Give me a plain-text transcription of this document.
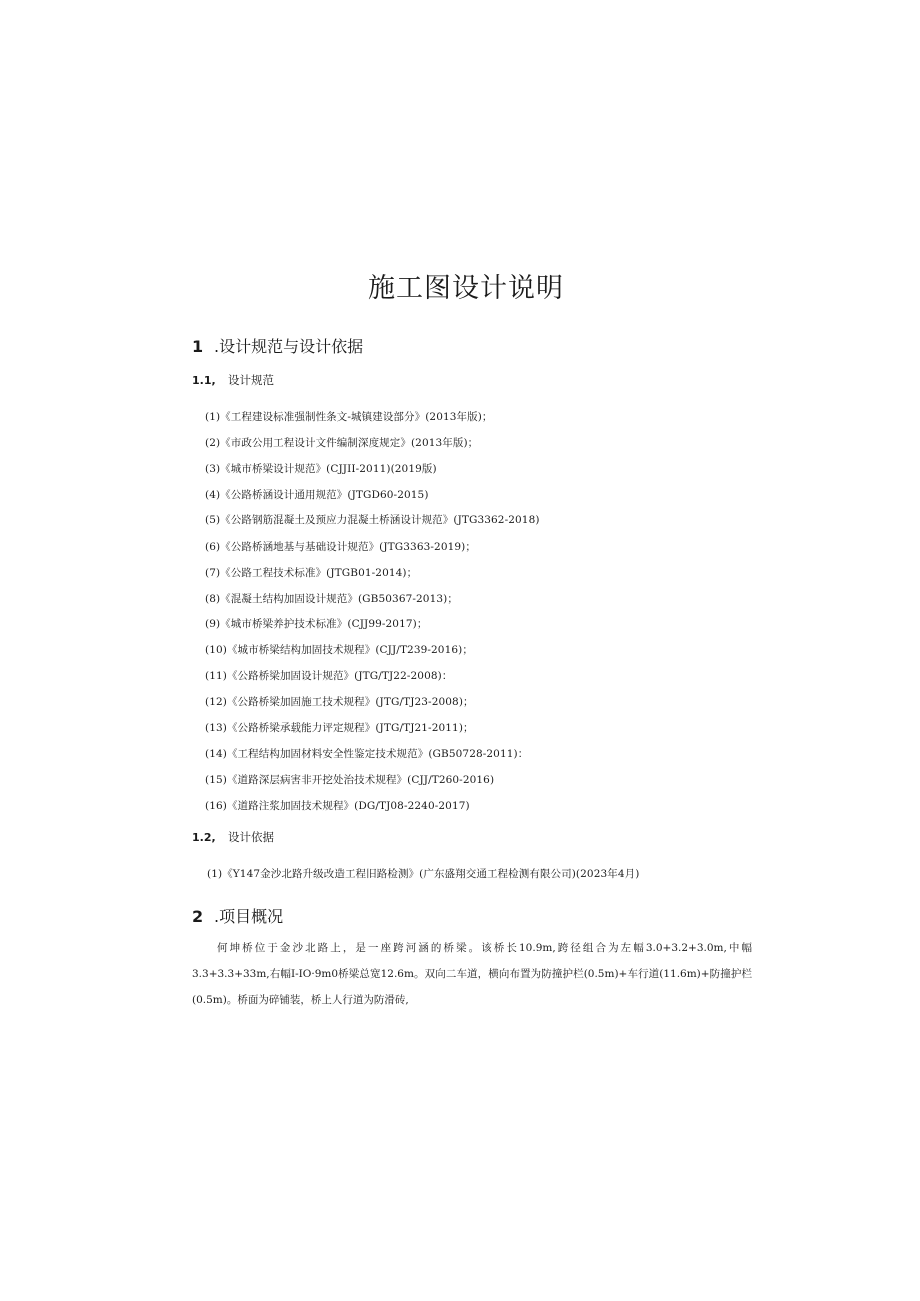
施工图设计说明
1 .设计规范与设计依据
1.1, 设计规范
(1)《工程建设标准强制性条文-城镇建设部分》(2013年版)；
(2)《市政公用工程设计文件编制深度规定》(2013年版)；
(3)《城市桥梁设计规范》(CJJII-2011)(2019版)
(4)《公路桥涵设计通用规范》(JTGD60-2015)
(5)《公路钢筋混凝土及预应力混凝土桥涵设计规范》(JTG3362-2018)
(6)《公路桥涵地基与基础设计规范》(JTG3363-2019)；
(7)《公路工程技术标准》(JTGB01-2014)；
(8)《混凝土结构加固设计规范》(GB50367-2013)；
(9)《城市桥梁养护技术标准》(CJJ99-2017)；
(10)《城市桥梁结构加固技术规程》(CJJ/T239-2016)；
(11)《公路桥梁加固设计规范》(JTG/TJ22-2008)：
(12)《公路桥梁加固施工技术规程》(JTG/TJ23-2008)；
(13)《公路桥梁承载能力评定规程》(JTG/TJ21-2011)；
(14)《工程结构加固材料安全性鉴定技术规范》(GB50728-2011)：
(15)《道路深层病害非开挖处治技术规程》(CJJ/T260-2016)
(16)《道路注浆加固技术规程》(DG/TJ08-2240-2017)
1.2, 设计依据
(1)《Y147金沙北路升级改造工程旧路检测》(广东盛翔交通工程检测有限公司)(2023年4月)
2 .项目概况

何坤桥位于金沙北路上，是一座跨河涵的桥梁。该桥长10.9m,跨径组合为左幅3.0+3.2+3.0m,中幅3.3+3.3+33m,右幅I-IO·9m0桥梁总宽12.6m。双向二车道，横向布置为防撞护栏(0.5m)+车行道(11.6m)+防撞护栏(0.5m)。桥面为碎铺装，桥上人行道为防滑砖,
